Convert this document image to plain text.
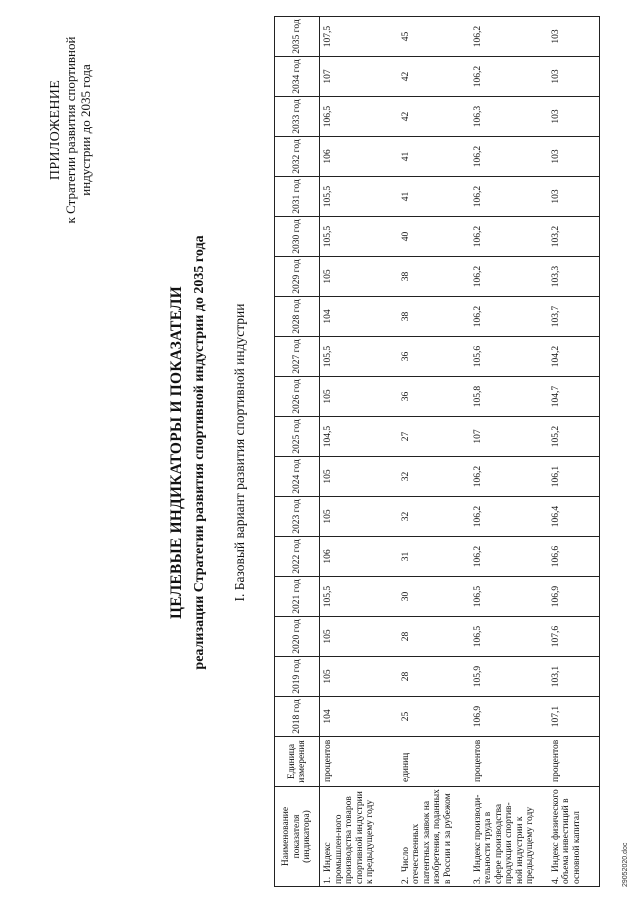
ПРИЛОЖЕНИЕ к Стратегии развития спортивной индустрии до 2035 года
ЦЕЛЕВЫЕ ИНДИКАТОРЫ И ПОКАЗАТЕЛИ реализации Стратегии развития спортивной индустрии до 2035 года I. Базовый вариант развития спортивной индустрии
Наименование показателя (индикатора)	Единица измерения	2018 год	2019 год	2020 год	2021 год	2022 год	2023 год	2024 год	2025 год	2026 год	2027 год	2028 год	2029 год	2030 год	2031 год	2032 год	2033 год	2034 год	2035 год
1.Индекс промышлен-ного производства товаров спортивной индустрии к предыдущему году	процентов	104	105	105	105,5	106	105	105	104,5	105	105,5	104	105	105,5	105,5	106	106,5	107	107,5
2.Число отечественных патентных заявок на изобретения, поданных в России и за рубежом	единиц	25	28	28	30	31	32	32	27	36	36	38	38	40	41	41	42	42	45
3.Индекс производи-тельности труда в сфере производства продукции спортив-ной индустрии к предыдущему году	процентов	106,9	105,9	106,5	106,5	106,2	106,2	106,2	107	105,8	105,6	106,2	106,2	106,2	106,2	106,2	106,3	106,2	106,2
4.Индекс физического объема инвестиций в основной капитал	процентов	107,1	103,1	107,6	106,9	106,6	106,4	106,1	105,2	104,7	104,2	103,7	103,3	103,2	103	103	103	103	103
29052020.doc
